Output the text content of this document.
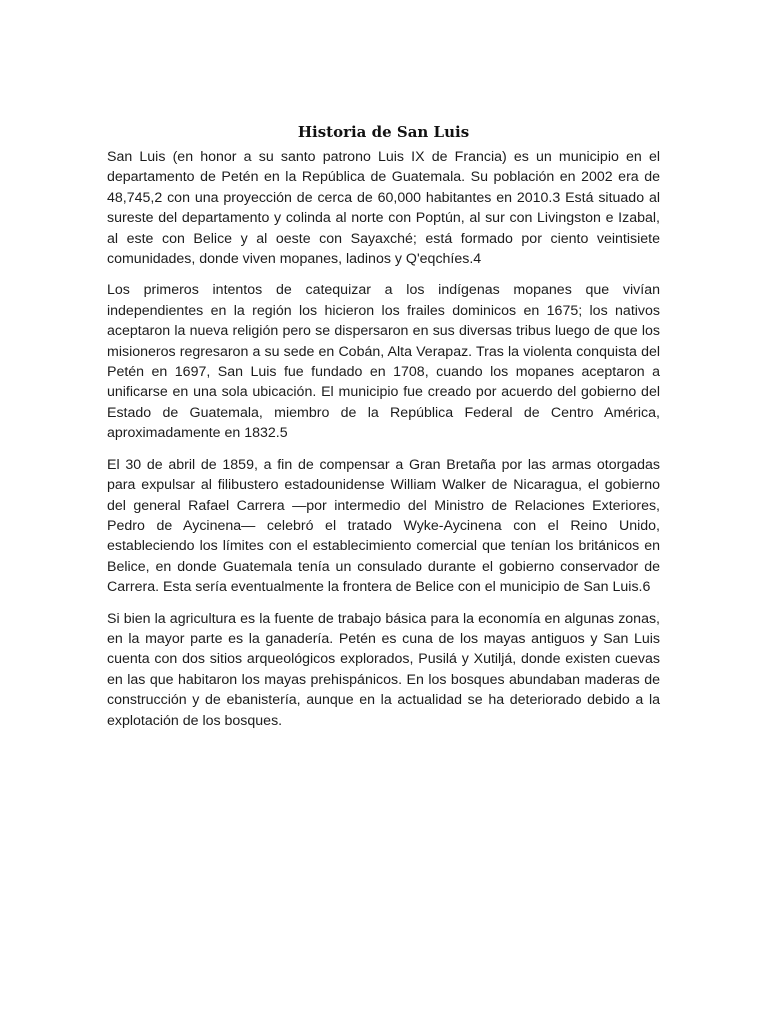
Historia de San Luis

San Luis (en honor a su santo patrono Luis IX de Francia) es un municipio en el departamento de Petén en la República de Guatemala. Su población en 2002 era de 48,745,2 con una proyección de cerca de 60,000 habitantes en 2010.3 Está situado al sureste del departamento y colinda al norte con Poptún, al sur con Livingston e Izabal, al este con Belice y al oeste con Sayaxché; está formado por ciento veintisiete comunidades, donde viven mopanes, ladinos y Q'eqchíes.4

Los primeros intentos de catequizar a los indígenas mopanes que vivían independientes en la región los hicieron los frailes dominicos en 1675; los nativos aceptaron la nueva religión pero se dispersaron en sus diversas tribus luego de que los misioneros regresaron a su sede en Cobán, Alta Verapaz. Tras la violenta conquista del Petén en 1697, San Luis fue fundado en 1708, cuando los mopanes aceptaron a unificarse en una sola ubicación. El municipio fue creado por acuerdo del gobierno del Estado de Guatemala, miembro de la República Federal de Centro América, aproximadamente en 1832.5

El 30 de abril de 1859, a fin de compensar a Gran Bretaña por las armas otorgadas para expulsar al filibustero estadounidense William Walker de Nicaragua, el gobierno del general Rafael Carrera —por intermedio del Ministro de Relaciones Exteriores, Pedro de Aycinena— celebró el tratado Wyke-Aycinena con el Reino Unido, estableciendo los límites con el establecimiento comercial que tenían los británicos en Belice, en donde Guatemala tenía un consulado durante el gobierno conservador de Carrera. Esta sería eventualmente la frontera de Belice con el municipio de San Luis.6

Si bien la agricultura es la fuente de trabajo básica para la economía en algunas zonas, en la mayor parte es la ganadería. Petén es cuna de los mayas antiguos y San Luis cuenta con dos sitios arqueológicos explorados, Pusilá y Xutiljá, donde existen cuevas en las que habitaron los mayas prehispánicos. En los bosques abundaban maderas de construcción y de ebanistería, aunque en la actualidad se ha deteriorado debido a la explotación de los bosques.
